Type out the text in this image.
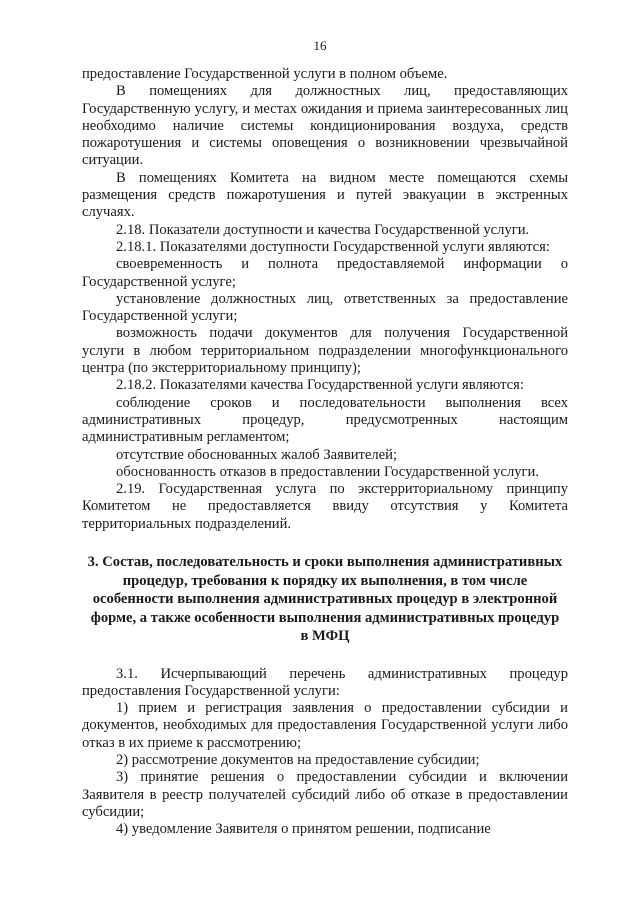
16

предоставление Государственной услуги в полном объеме.

В помещениях для должностных лиц, предоставляющих Государственную услугу, и местах ожидания и приема заинтересованных лиц необходимо наличие системы кондиционирования воздуха, средств пожаротушения и системы оповещения о возникновении чрезвычайной ситуации.

В помещениях Комитета на видном месте помещаются схемы размещения средств пожаротушения и путей эвакуации в экстренных случаях.

2.18. Показатели доступности и качества Государственной услуги.

2.18.1. Показателями доступности Государственной услуги являются:

своевременность и полнота предоставляемой информации о Государственной услуге;

установление должностных лиц, ответственных за предоставление Государственной услуги;

возможность подачи документов для получения Государственной услуги в любом территориальном подразделении многофункционального центра (по экстерриториальному принципу);

2.18.2. Показателями качества Государственной услуги являются:

соблюдение сроков и последовательности выполнения всех административных процедур, предусмотренных настоящим административным регламентом;

отсутствие обоснованных жалоб Заявителей;

обоснованность отказов в предоставлении Государственной услуги.

2.19. Государственная услуга по экстерриториальному принципу Комитетом не предоставляется ввиду отсутствия у Комитета территориальных подразделений.

3. Состав, последовательность и сроки выполнения административных процедур, требования к порядку их выполнения, в том числе особенности выполнения административных процедур в электронной форме, а также особенности выполнения административных процедур в МФЦ

3.1. Исчерпывающий перечень административных процедур предоставления Государственной услуги:

1) прием и регистрация заявления о предоставлении субсидии и документов, необходимых для предоставления Государственной услуги либо отказ в их приеме к рассмотрению;

2) рассмотрение документов на предоставление субсидии;

3) принятие решения о предоставлении субсидии и включении Заявителя в реестр получателей субсидий либо об отказе в предоставлении субсидии;

4) уведомление Заявителя о принятом решении, подписание
